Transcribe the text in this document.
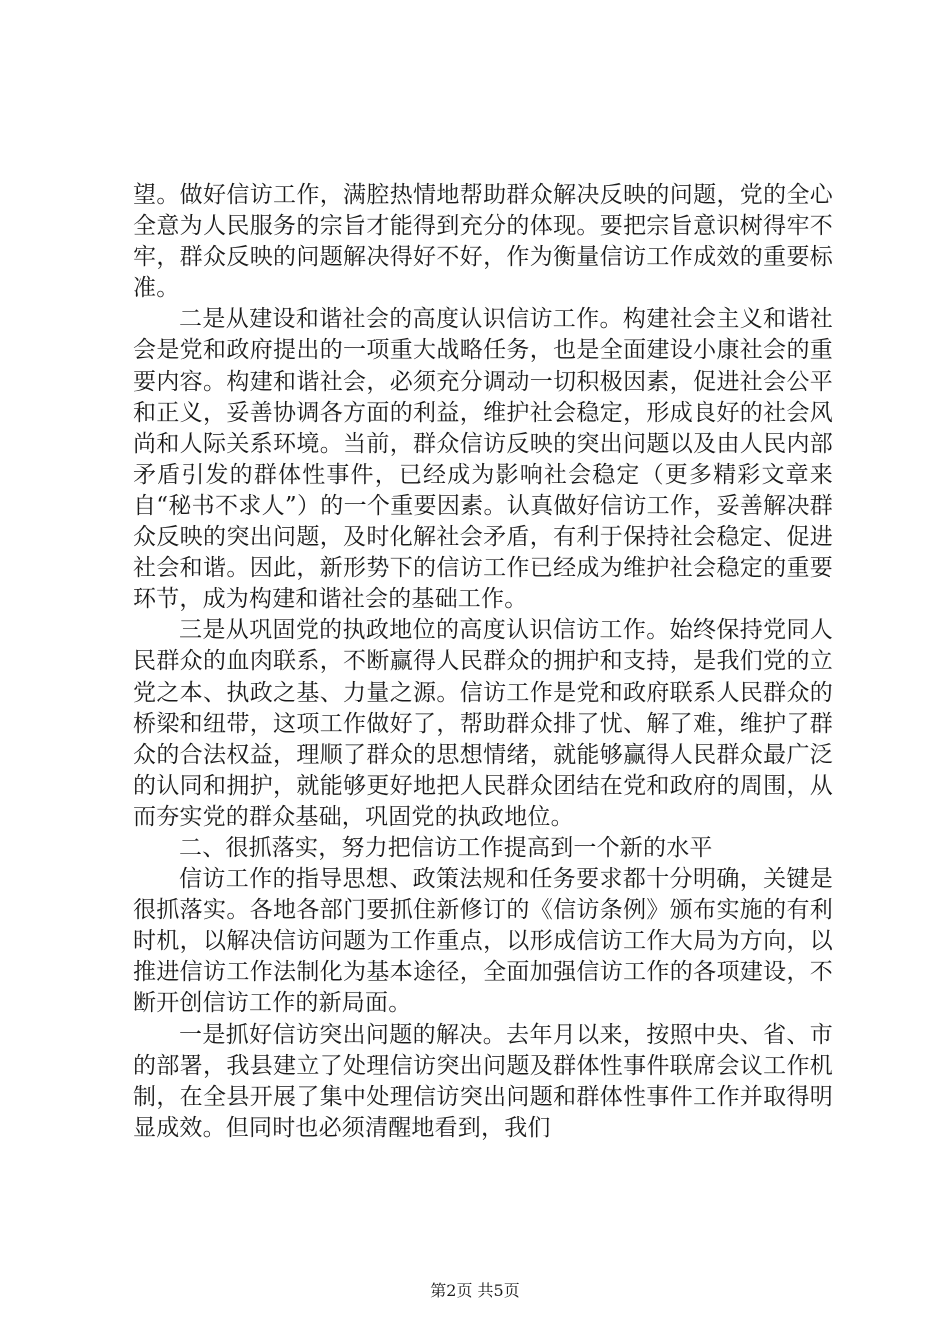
望。做好信访工作，满腔热情地帮助群众解决反映的问题，党的全心全意为人民服务的宗旨才能得到充分的体现。要把宗旨意识树得牢不牢，群众反映的问题解决得好不好，作为衡量信访工作成效的重要标准。

二是从建设和谐社会的高度认识信访工作。构建社会主义和谐社会是党和政府提出的一项重大战略任务，也是全面建设小康社会的重要内容。构建和谐社会，必须充分调动一切积极因素，促进社会公平和正义，妥善协调各方面的利益，维护社会稳定，形成良好的社会风尚和人际关系环境。当前，群众信访反映的突出问题以及由人民内部矛盾引发的群体性事件，已经成为影响社会稳定（更多精彩文章来自“秘书不求人”）的一个重要因素。认真做好信访工作，妥善解决群众反映的突出问题，及时化解社会矛盾，有利于保持社会稳定、促进社会和谐。因此，新形势下的信访工作已经成为维护社会稳定的重要环节，成为构建和谐社会的基础工作。

三是从巩固党的执政地位的高度认识信访工作。始终保持党同人民群众的血肉联系，不断赢得人民群众的拥护和支持，是我们党的立党之本、执政之基、力量之源。信访工作是党和政府联系人民群众的桥梁和纽带，这项工作做好了，帮助群众排了忧、解了难，维护了群众的合法权益，理顺了群众的思想情绪，就能够赢得人民群众最广泛的认同和拥护，就能够更好地把人民群众团结在党和政府的周围，从而夯实党的群众基础，巩固党的执政地位。

二、很抓落实，努力把信访工作提高到一个新的水平

信访工作的指导思想、政策法规和任务要求都十分明确，关键是很抓落实。各地各部门要抓住新修订的《信访条例》颁布实施的有利时机，以解决信访问题为工作重点，以形成信访工作大局为方向，以推进信访工作法制化为基本途径，全面加强信访工作的各项建设，不断开创信访工作的新局面。

一是抓好信访突出问题的解决。去年月以来，按照中央、省、市的部署，我县建立了处理信访突出问题及群体性事件联席会议工作机制，在全县开展了集中处理信访突出问题和群体性事件工作并取得明显成效。但同时也必须清醒地看到，我们

第2页 共5页
